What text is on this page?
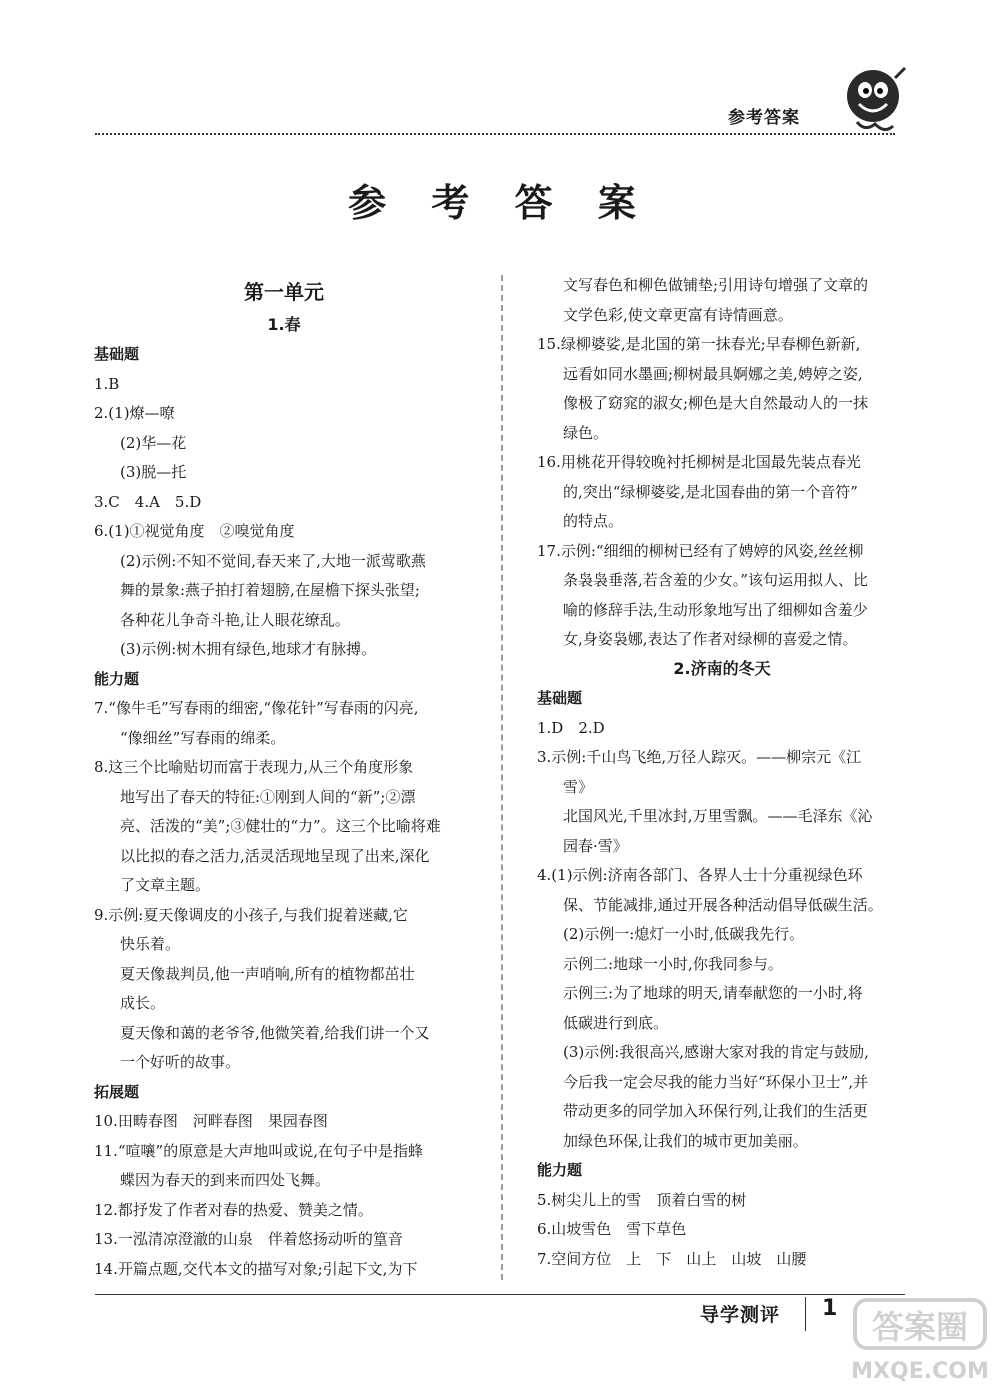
参考答案
参 考 答 案
第一单元
1.春
基础题
1.B
2.(1)燎—嘹
(2)华—花
(3)脱—托
3.C　4.A　5.D
6.(1)①视觉角度　②嗅觉角度
(2)示例:不知不觉间,春天来了,大地一派莺歌燕
舞的景象:燕子拍打着翅膀,在屋檐下探头张望;
各种花儿争奇斗艳,让人眼花缭乱。
(3)示例:树木拥有绿色,地球才有脉搏。
能力题
7.“像牛毛”写春雨的细密,“像花针”写春雨的闪亮,
“像细丝”写春雨的绵柔。
8.这三个比喻贴切而富于表现力,从三个角度形象
地写出了春天的特征:①刚到人间的“新”;②漂
亮、活泼的“美”;③健壮的“力”。这三个比喻将难
以比拟的春之活力,活灵活现地呈现了出来,深化
了文章主题。
9.示例:夏天像调皮的小孩子,与我们捉着迷藏,它
快乐着。
夏天像裁判员,他一声哨响,所有的植物都茁壮
成长。
夏天像和蔼的老爷爷,他微笑着,给我们讲一个又
一个好听的故事。
拓展题
10.田畴春图　河畔春图　果园春图
11.“喧嚷”的原意是大声地叫或说,在句子中是指蜂
蝶因为春天的到来而四处飞舞。
12.都抒发了作者对春的热爱、赞美之情。
13.一泓清凉澄澈的山泉　伴着悠扬动听的篁音
14.开篇点题,交代本文的描写对象;引起下文,为下
文写春色和柳色做铺垫;引用诗句增强了文章的
文学色彩,使文章更富有诗情画意。
15.绿柳婆娑,是北国的第一抹春光;早春柳色新新,
远看如同水墨画;柳树最具婀娜之美,娉婷之姿,
像极了窈窕的淑女;柳色是大自然最动人的一抹
绿色。
16.用桃花开得较晚衬托柳树是北国最先装点春光
的,突出“绿柳婆娑,是北国春曲的第一个音符”
的特点。
17.示例:“细细的柳树已经有了娉婷的风姿,丝丝柳
条袅袅垂落,若含羞的少女。”该句运用拟人、比
喻的修辞手法,生动形象地写出了细柳如含羞少
女,身姿袅娜,表达了作者对绿柳的喜爱之情。
2.济南的冬天
基础题
1.D　2.D
3.示例:千山鸟飞绝,万径人踪灭。——柳宗元《江
雪》
北国风光,千里冰封,万里雪飘。——毛泽东《沁
园春·雪》
4.(1)示例:济南各部门、各界人士十分重视绿色环
保、节能减排,通过开展各种活动倡导低碳生活。
(2)示例一:熄灯一小时,低碳我先行。
示例二:地球一小时,你我同参与。
示例三:为了地球的明天,请奉献您的一小时,将
低碳进行到底。
(3)示例:我很高兴,感谢大家对我的肯定与鼓励,
今后我一定会尽我的能力当好“环保小卫士”,并
带动更多的同学加入环保行列,让我们的生活更
加绿色环保,让我们的城市更加美丽。
能力题
5.树尖儿上的雪　顶着白雪的树
6.山坡雪色　雪下草色
7.空间方位　上　下　山上　山坡　山腰
导学测评 1 答案圈
MXQE.COM
